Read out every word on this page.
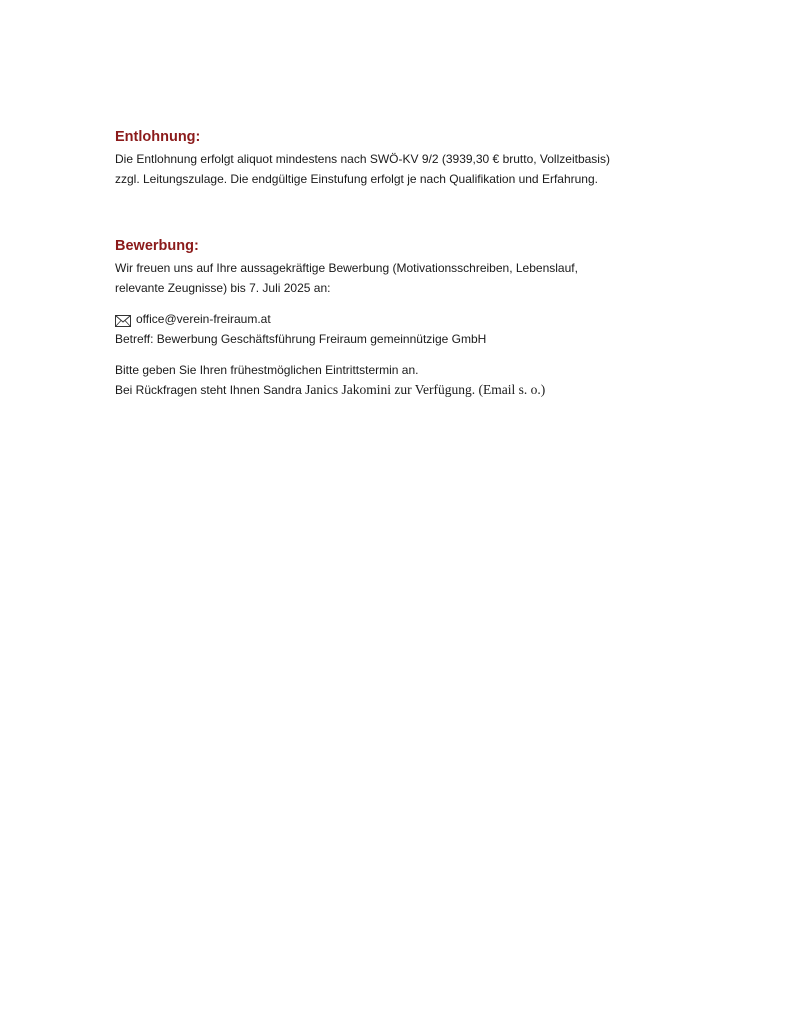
Entlohnung:

Die Entlohnung erfolgt aliquot mindestens nach SWÖ-KV 9/2 (3939,30 € brutto, Vollzeitbasis)

zzgl. Leitungszulage. Die endgültige Einstufung erfolgt je nach Qualifikation und Erfahrung.

Bewerbung:

Wir freuen uns auf Ihre aussagekräftige Bewerbung (Motivationsschreiben, Lebenslauf,

relevante Zeugnisse) bis 7. Juli 2025 an:

office@verein-freiraum.at

Betreff: Bewerbung Geschäftsführung Freiraum gemeinnützige GmbH

Bitte geben Sie Ihren frühestmöglichen Eintrittstermin an.

Bei Rückfragen steht Ihnen Sandra Janics Jakomini zur Verfügung. (Email s. o.)
